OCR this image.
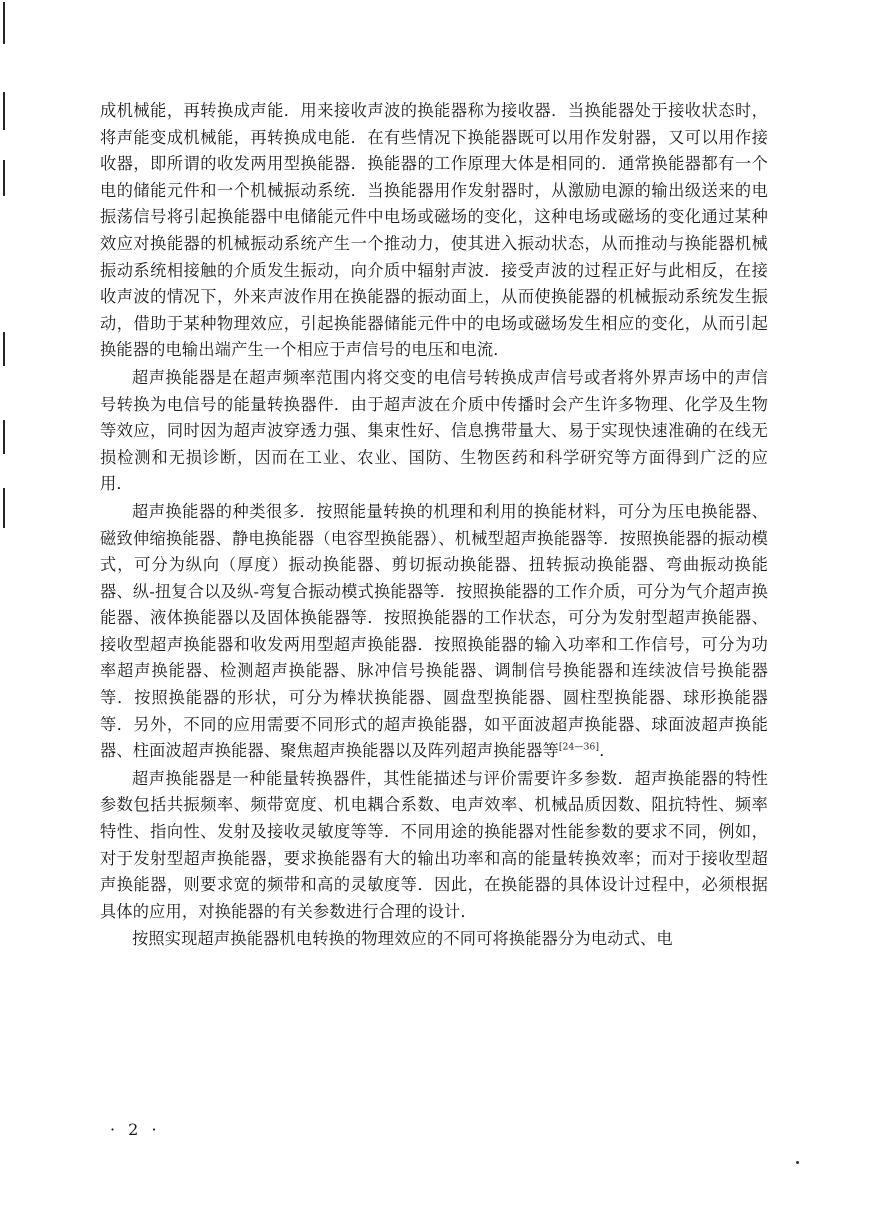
成机械能，再转换成声能．用来接收声波的换能器称为接收器．当换能器处于接收状态时，将声能变成机械能，再转换成电能．在有些情况下换能器既可以用作发射器，又可以用作接收器，即所谓的收发两用型换能器．换能器的工作原理大体是相同的．通常换能器都有一个电的储能元件和一个机械振动系统．当换能器用作发射器时，从激励电源的输出级送来的电振荡信号将引起换能器中电储能元件中电场或磁场的变化，这种电场或磁场的变化通过某种效应对换能器的机械振动系统产生一个推动力，使其进入振动状态，从而推动与换能器机械振动系统相接触的介质发生振动，向介质中辐射声波．接受声波的过程正好与此相反，在接收声波的情况下，外来声波作用在换能器的振动面上，从而使换能器的机械振动系统发生振动，借助于某种物理效应，引起换能器储能元件中的电场或磁场发生相应的变化，从而引起换能器的电输出端产生一个相应于声信号的电压和电流．

超声换能器是在超声频率范围内将交变的电信号转换成声信号或者将外界声场中的声信号转换为电信号的能量转换器件．由于超声波在介质中传播时会产生许多物理、化学及生物等效应，同时因为超声波穿透力强、集束性好、信息携带量大、易于实现快速准确的在线无损检测和无损诊断，因而在工业、农业、国防、生物医药和科学研究等方面得到广泛的应用．

超声换能器的种类很多．按照能量转换的机理和利用的换能材料，可分为压电换能器、磁致伸缩换能器、静电换能器（电容型换能器）、机械型超声换能器等．按照换能器的振动模式，可分为纵向（厚度）振动换能器、剪切振动换能器、扭转振动换能器、弯曲振动换能器、纵-扭复合以及纵-弯复合振动模式换能器等．按照换能器的工作介质，可分为气介超声换能器、液体换能器以及固体换能器等．按照换能器的工作状态，可分为发射型超声换能器、接收型超声换能器和收发两用型超声换能器．按照换能器的输入功率和工作信号，可分为功率超声换能器、检测超声换能器、脉冲信号换能器、调制信号换能器和连续波信号换能器等．按照换能器的形状，可分为棒状换能器、圆盘型换能器、圆柱型换能器、球形换能器等．另外，不同的应用需要不同形式的超声换能器，如平面波超声换能器、球面波超声换能器、柱面波超声换能器、聚焦超声换能器以及阵列超声换能器等[24—36]．

超声换能器是一种能量转换器件，其性能描述与评价需要许多参数．超声换能器的特性参数包括共振频率、频带宽度、机电耦合系数、电声效率、机械品质因数、阻抗特性、频率特性、指向性、发射及接收灵敏度等等．不同用途的换能器对性能参数的要求不同，例如，对于发射型超声换能器，要求换能器有大的输出功率和高的能量转换效率；而对于接收型超声换能器，则要求宽的频带和高的灵敏度等．因此，在换能器的具体设计过程中，必须根据具体的应用，对换能器的有关参数进行合理的设计．

按照实现超声换能器机电转换的物理效应的不同可将换能器分为电动式、电

· 2 ·
